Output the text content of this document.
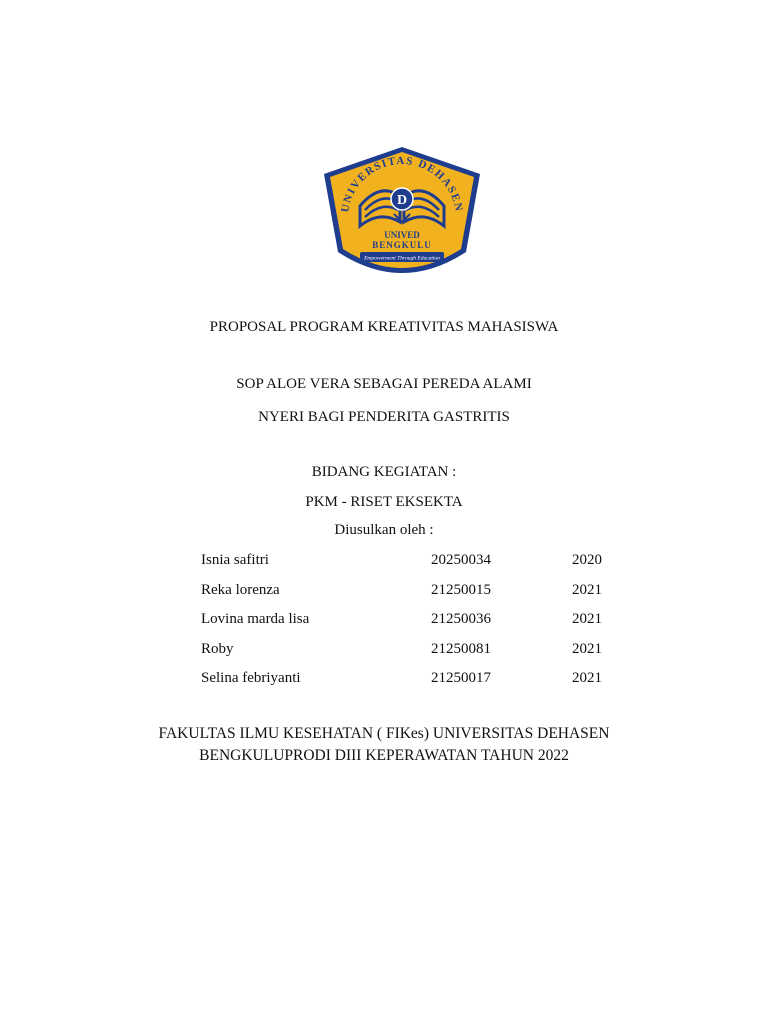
UNIVERSITAS DEHASEN
D
UNIVED
BENGKULU
Empowerment Through Education
PROPOSAL PROGRAM KREATIVITAS MAHASISWA
SOP ALOE VERA SEBAGAI PEREDA ALAMI
NYERI BAGI PENDERITA GASTRITIS
BIDANG KEGIATAN :
PKM - RISET EKSEKTA
Diusulkan oleh :
Isnia safitri	20250034	2020
Reka lorenza	21250015	2021
Lovina marda lisa	21250036	2021
Roby	21250081	2021
Selina febriyanti	21250017	2021
FAKULTAS ILMU KESEHATAN ( FIKes) UNIVERSITAS DEHASEN
BENGKULUPRODI DIII KEPERAWATAN TAHUN 2022
